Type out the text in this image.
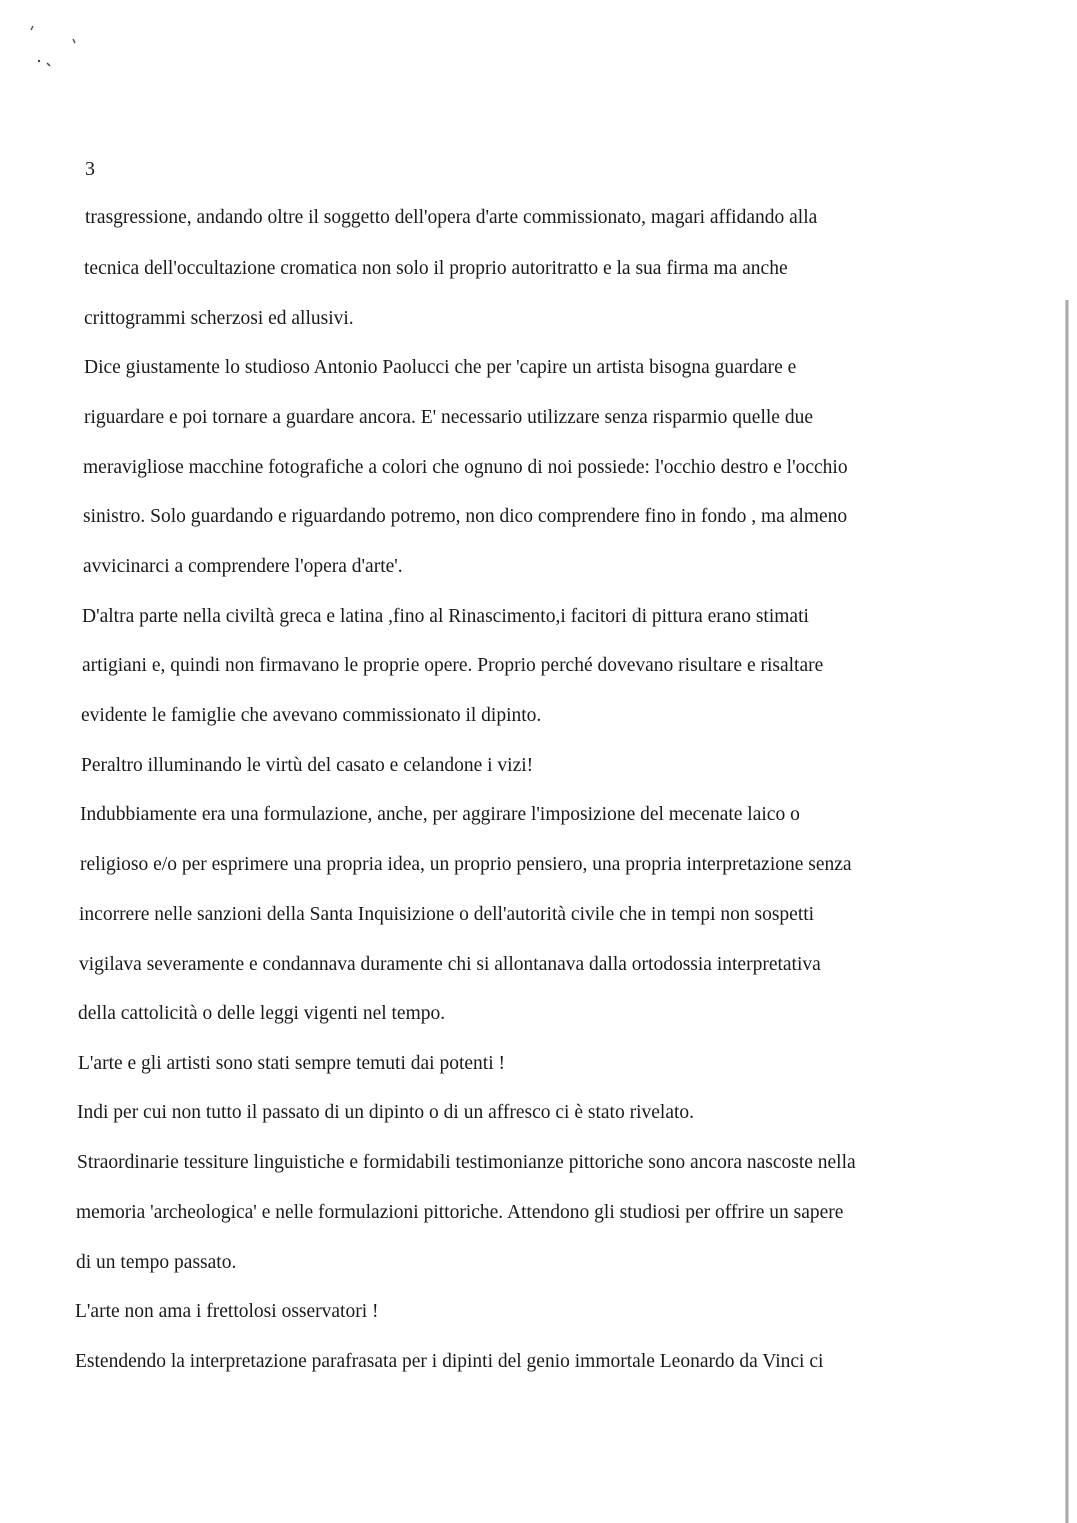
3
trasgressione, andando oltre il soggetto dell'opera d'arte commissionato, magari affidando alla
tecnica dell'occultazione cromatica non solo il proprio autoritratto e la sua firma ma anche
crittogrammi scherzosi ed allusivi.
Dice giustamente lo studioso Antonio Paolucci che per 'capire un artista bisogna guardare e
riguardare e poi tornare a guardare ancora. E' necessario utilizzare senza risparmio quelle due
meravigliose macchine fotografiche a colori che ognuno di noi possiede: l'occhio destro e l'occhio
sinistro. Solo guardando e riguardando potremo, non dico comprendere fino in fondo , ma almeno
avvicinarci a comprendere l'opera d'arte'.
D'altra parte nella civiltà greca e latina ,fino al Rinascimento,i facitori di pittura erano stimati
artigiani e, quindi non firmavano le proprie opere. Proprio perché dovevano risultare e risaltare
evidente le famiglie che avevano commissionato il dipinto.
Peraltro illuminando le virtù del casato e celandone i vizi!
Indubbiamente era una formulazione, anche, per aggirare l'imposizione del mecenate laico o
religioso e/o per esprimere una propria idea, un proprio pensiero, una propria interpretazione senza
incorrere nelle sanzioni della Santa Inquisizione o dell'autorità civile che in tempi non sospetti
vigilava severamente e condannava duramente chi si allontanava dalla ortodossia interpretativa
della cattolicità o delle leggi vigenti nel tempo.
L'arte e gli artisti sono stati sempre temuti dai potenti !
Indi per cui non tutto il passato di un dipinto o di un affresco ci è stato rivelato.
Straordinarie tessiture linguistiche e formidabili testimonianze pittoriche sono ancora nascoste nella
memoria 'archeologica' e nelle formulazioni pittoriche. Attendono gli studiosi per offrire un sapere
di un tempo passato.
L'arte non ama i frettolosi osservatori !
Estendendo la interpretazione parafrasata per i dipinti del genio immortale Leonardo da Vinci ci
